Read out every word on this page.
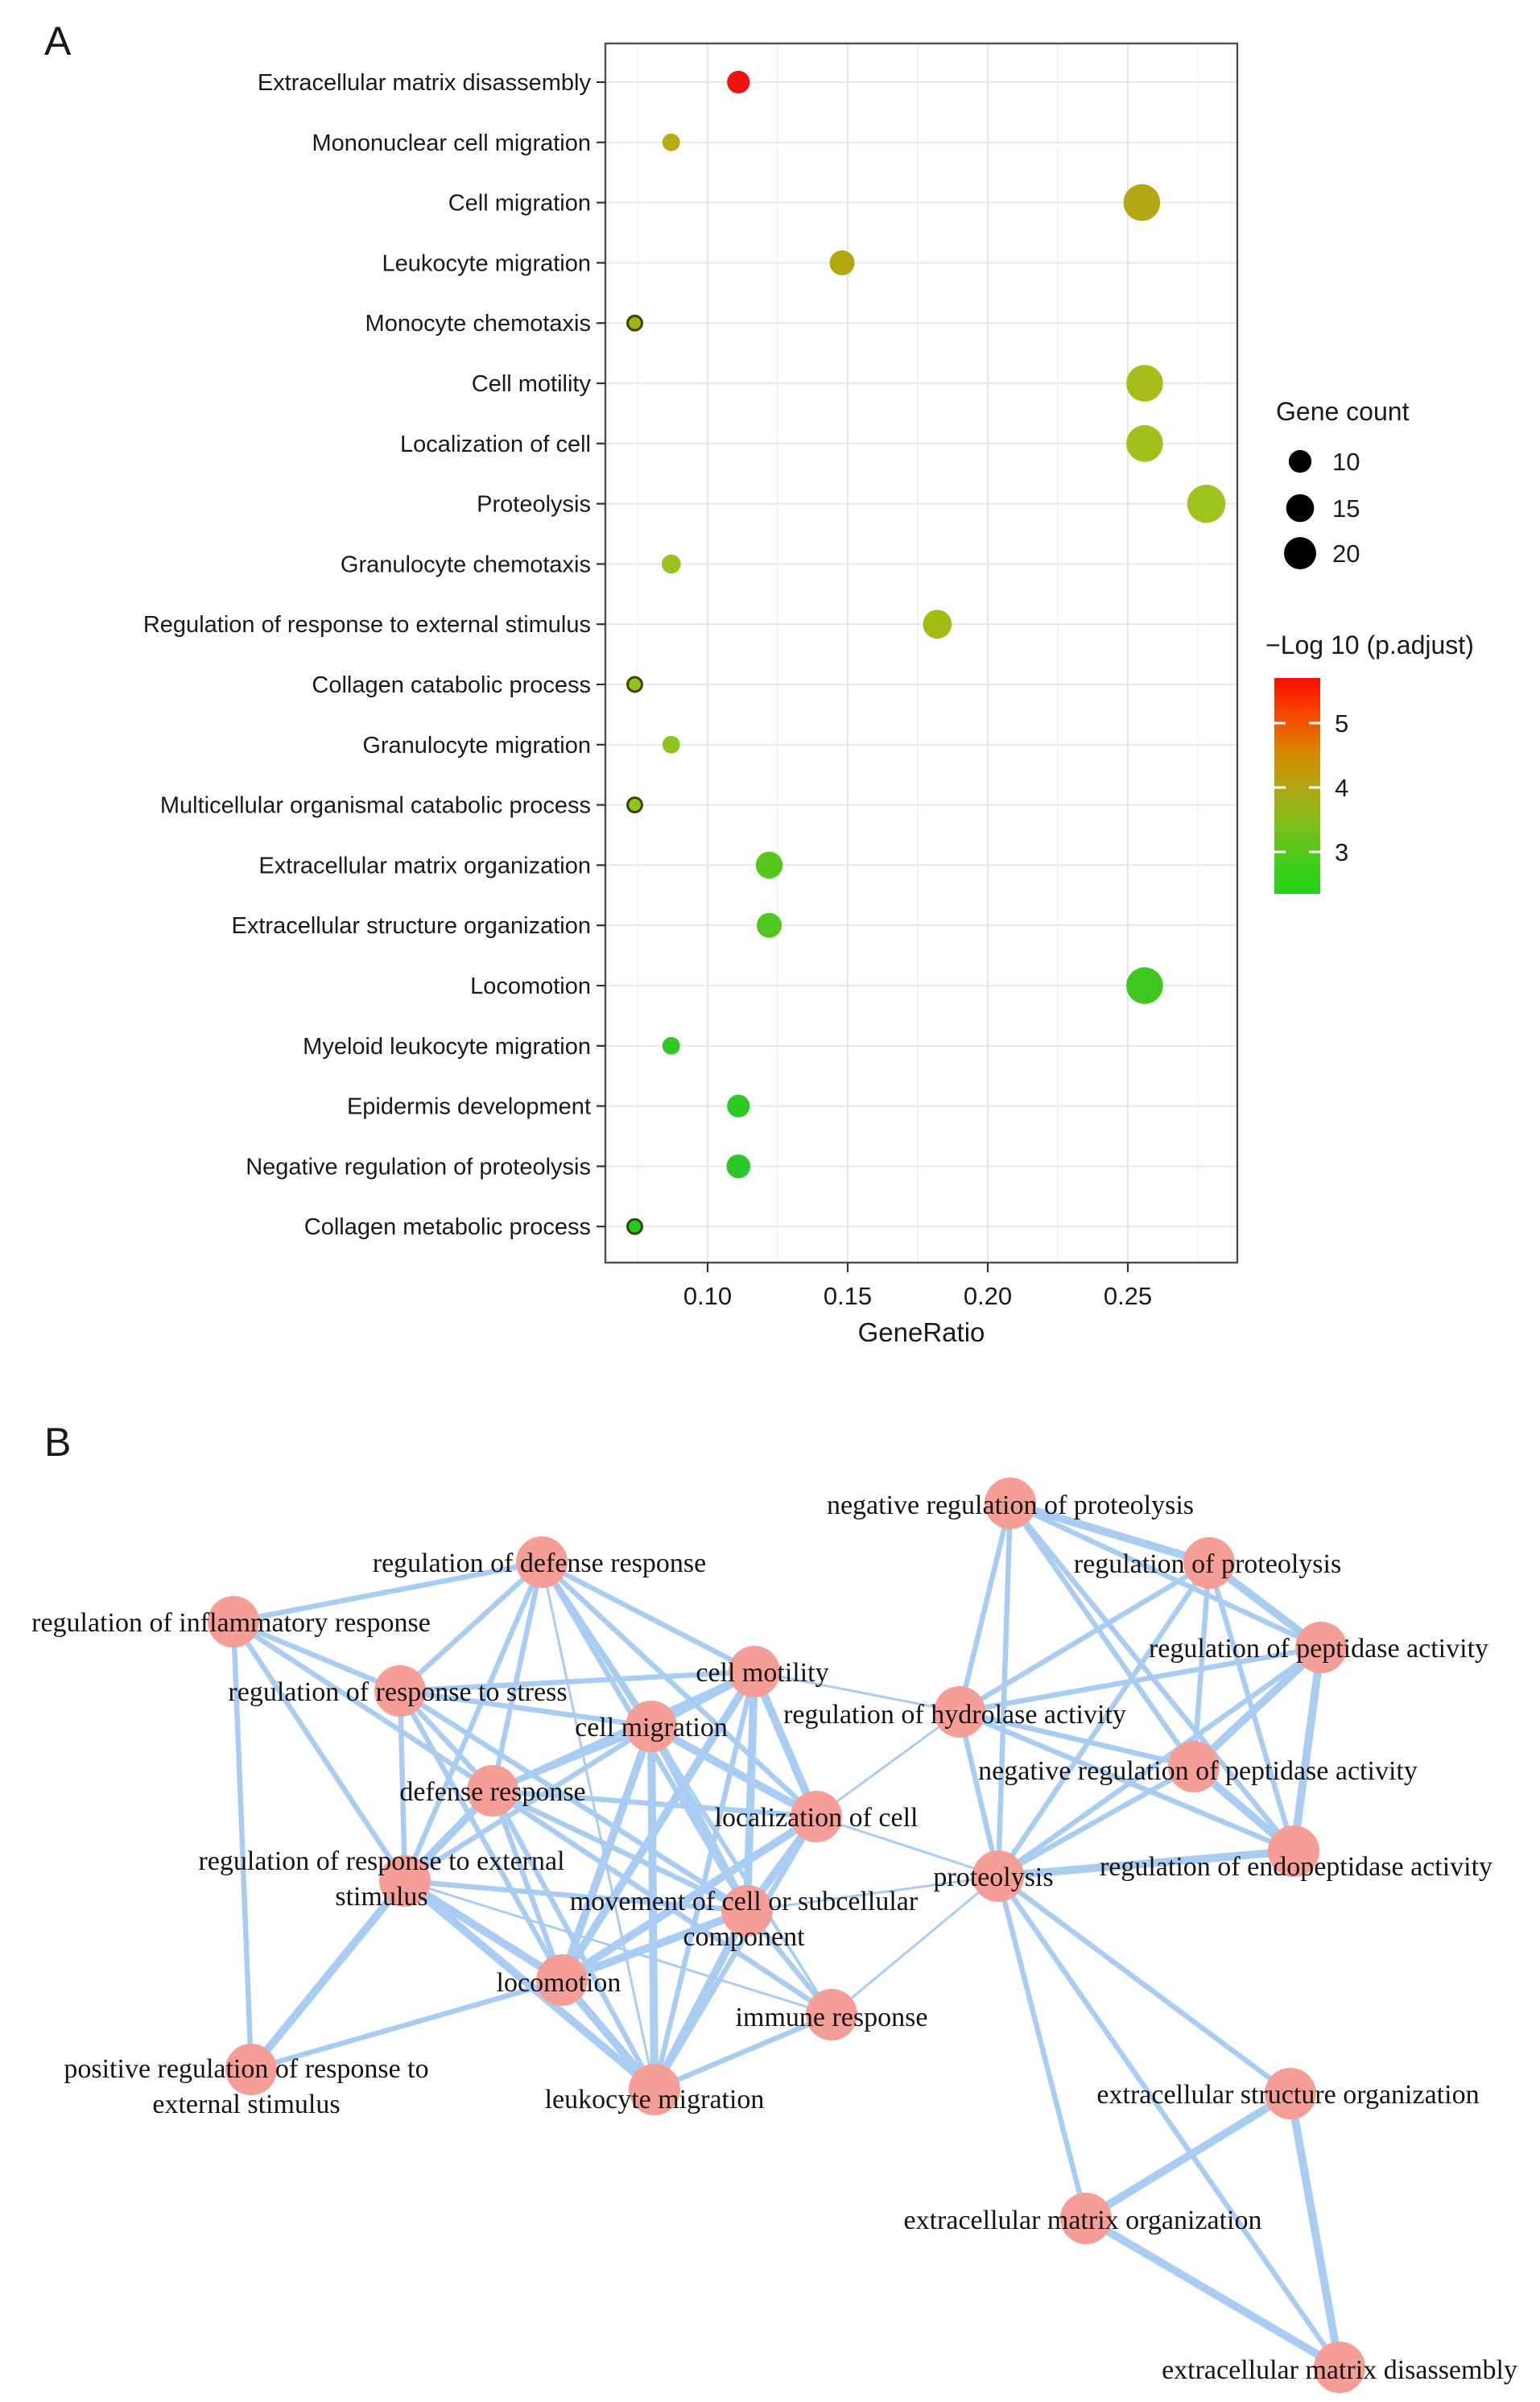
A
Extracellular matrix disassembly
Mononuclear cell migration
Cell migration
Leukocyte migration
Monocyte chemotaxis
Cell motility
Localization of cell
Proteolysis
Granulocyte chemotaxis
Regulation of response to external stimulus
Collagen catabolic process
Granulocyte migration
Multicellular organismal catabolic process
Extracellular matrix organization
Extracellular structure organization
Locomotion
Myeloid leukocyte migration
Epidermis development
Negative regulation of proteolysis
Collagen metabolic process
0.10	0.15	0.20	0.25
GeneRatio
Gene count
10
15
20
−Log 10 (p.adjust)
5
4
3
B
regulation of defense response
regulation of inflammatory response
regulation of response to stress
cell motility
cell migration
negative regulation of proteolysis
regulation of proteolysis
regulation of peptidase activity
regulation of hydrolase activity
negative regulation of peptidase activity
defense response
localization of cell
regulation of endopeptidase activity
proteolysis
regulation of response to external
stimulus	movement of cell or subcellular
component
locomotion
immune response
positive regulation of response to
external stimulus	leukocyte migration	extracellular structure organization
extracellular matrix organization
extracellular matrix disassembly
